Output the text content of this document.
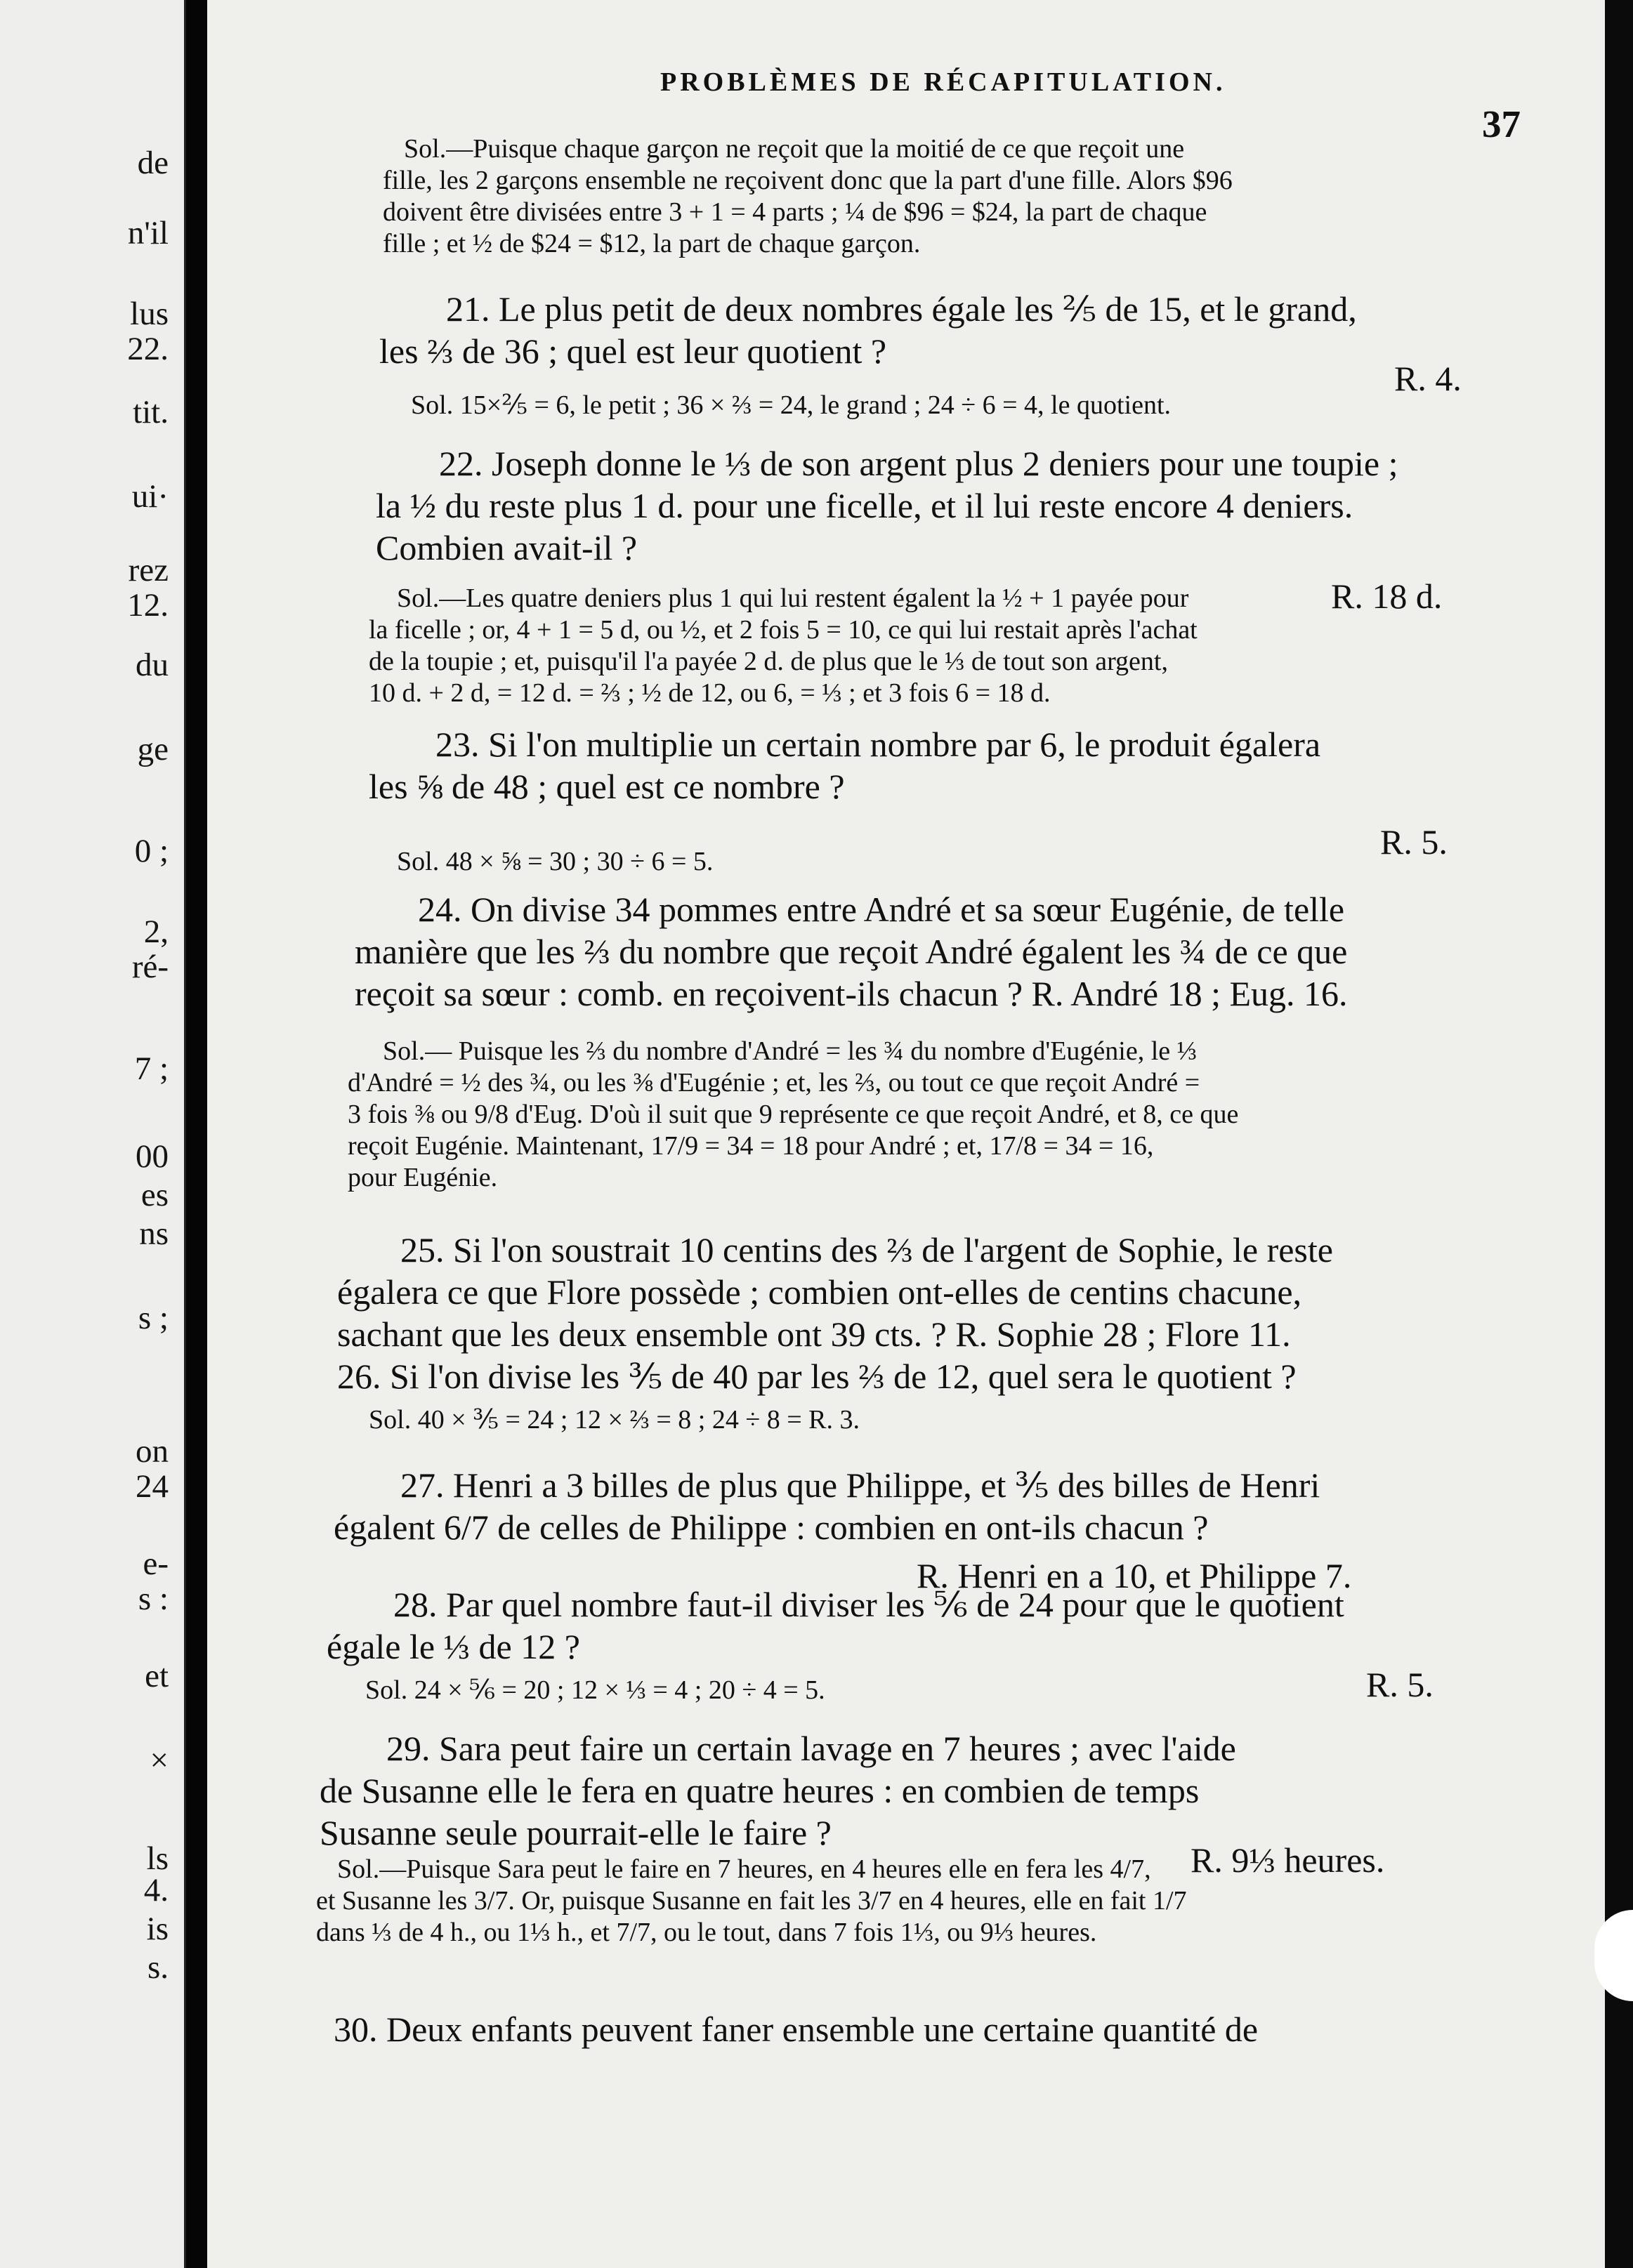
de
n'il
lus
22.
tit.
ui·
rez
12.
du
ge
0 ;
2,
ré-
7 ;
00
es
ns
s ;
on
24
e-
s :
et
×
ls
4.
is
s.
PROBLÈMES DE RÉCAPITULATION.
37
Sol.—Puisque chaque garçon ne reçoit que la moitié de ce que reçoit une
fille, les 2 garçons ensemble ne reçoivent donc que la part d'une fille. Alors $96
doivent être divisées entre 3 + 1 = 4 parts ; ¼ de $96 = $24, la part de chaque
fille ; et ½ de $24 = $12, la part de chaque garçon.
21. Le plus petit de deux nombres égale les ⅖ de 15, et le grand,
les ⅔ de 36 ; quel est leur quotient ?
R. 4.
Sol. 15×⅖ = 6, le petit ; 36 × ⅔ = 24, le grand ; 24 ÷ 6 = 4, le quotient.
22. Joseph donne le ⅓ de son argent plus 2 deniers pour une toupie ;
la ½ du reste plus 1 d. pour une ficelle, et il lui reste encore 4 deniers.
Combien avait-il ?
R. 18 d.
Sol.—Les quatre deniers plus 1 qui lui restent égalent la ½ + 1 payée pour
la ficelle ; or, 4 + 1 = 5 d, ou ½, et 2 fois 5 = 10, ce qui lui restait après l'achat
de la toupie ; et, puisqu'il l'a payée 2 d. de plus que le ⅓ de tout son argent,
10 d. + 2 d, = 12 d. = ⅔ ; ½ de 12, ou 6, = ⅓ ; et 3 fois 6 = 18 d.
23. Si l'on multiplie un certain nombre par 6, le produit égalera
les ⅝ de 48 ; quel est ce nombre ?
R. 5.
Sol. 48 × ⅝ = 30 ; 30 ÷ 6 = 5.
24. On divise 34 pommes entre André et sa sœur Eugénie, de telle
manière que les ⅔ du nombre que reçoit André égalent les ¾ de ce que
reçoit sa sœur : comb. en reçoivent-ils chacun ? R. André 18 ; Eug. 16.
Sol.— Puisque les ⅔ du nombre d'André = les ¾ du nombre d'Eugénie, le ⅓
d'André = ½ des ¾, ou les ⅜ d'Eugénie ; et, les ⅔, ou tout ce que reçoit André =
3 fois ⅜ ou 9/8 d'Eug. D'où il suit que 9 représente ce que reçoit André, et 8, ce que
reçoit Eugénie. Maintenant, 17/9 = 34 = 18 pour André ; et, 17/8 = 34 = 16,
pour Eugénie.
25. Si l'on soustrait 10 centins des ⅔ de l'argent de Sophie, le reste
égalera ce que Flore possède ; combien ont-elles de centins chacune,
sachant que les deux ensemble ont 39 cts. ? R. Sophie 28 ; Flore 11.
26. Si l'on divise les ⅗ de 40 par les ⅔ de 12, quel sera le quotient ?
Sol. 40 × ⅗ = 24 ; 12 × ⅔ = 8 ; 24 ÷ 8 = R. 3.
27. Henri a 3 billes de plus que Philippe, et ⅗ des billes de Henri
égalent 6/7 de celles de Philippe : combien en ont-ils chacun ?
R. Henri en a 10, et Philippe 7.
28. Par quel nombre faut-il diviser les ⅚ de 24 pour que le quotient
égale le ⅓ de 12 ?
R. 5.
Sol. 24 × ⅚ = 20 ; 12 × ⅓ = 4 ; 20 ÷ 4 = 5.
29. Sara peut faire un certain lavage en 7 heures ; avec l'aide
de Susanne elle le fera en quatre heures : en combien de temps
Susanne seule pourrait-elle le faire ?
R. 9⅓ heures.
Sol.—Puisque Sara peut le faire en 7 heures, en 4 heures elle en fera les 4/7,
et Susanne les 3/7. Or, puisque Susanne en fait les 3/7 en 4 heures, elle en fait 1/7
dans ⅓ de 4 h., ou 1⅓ h., et 7/7, ou le tout, dans 7 fois 1⅓, ou 9⅓ heures.
30. Deux enfants peuvent faner ensemble une certaine quantité de
